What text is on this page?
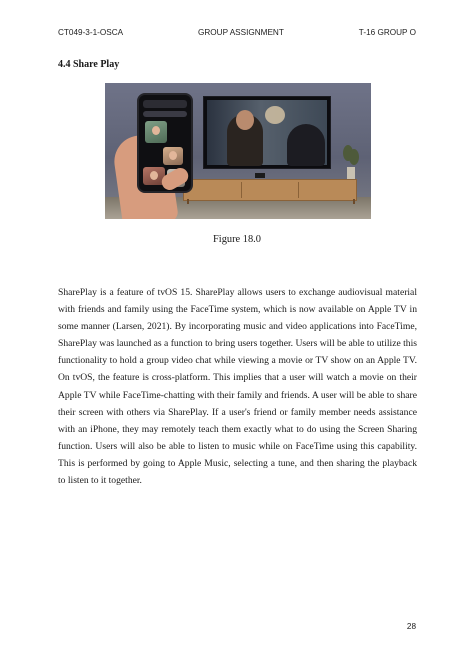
CT049-3-1-OSCA	GROUP ASSIGNMENT	T-16 GROUP O
4.4 Share Play
Figure 18.0

SharePlay is a feature of tvOS 15. SharePlay allows users to exchange audiovisual material with friends and family using the FaceTime system, which is now available on Apple TV in some manner (Larsen, 2021). By incorporating music and video applications into FaceTime, SharePlay was launched as a function to bring users together. Users will be able to utilize this functionality to hold a group video chat while viewing a movie or TV show on an Apple TV. On tvOS, the feature is cross-platform. This implies that a user will watch a movie on their Apple TV while FaceTime-chatting with their family and friends. A user will be able to share their screen with others via SharePlay. If a user's friend or family member needs assistance with an iPhone, they may remotely teach them exactly what to do using the Screen Sharing function. Users will also be able to listen to music while on FaceTime using this capability. This is performed by going to Apple Music, selecting a tune, and then sharing the playback to listen to it together.

28
